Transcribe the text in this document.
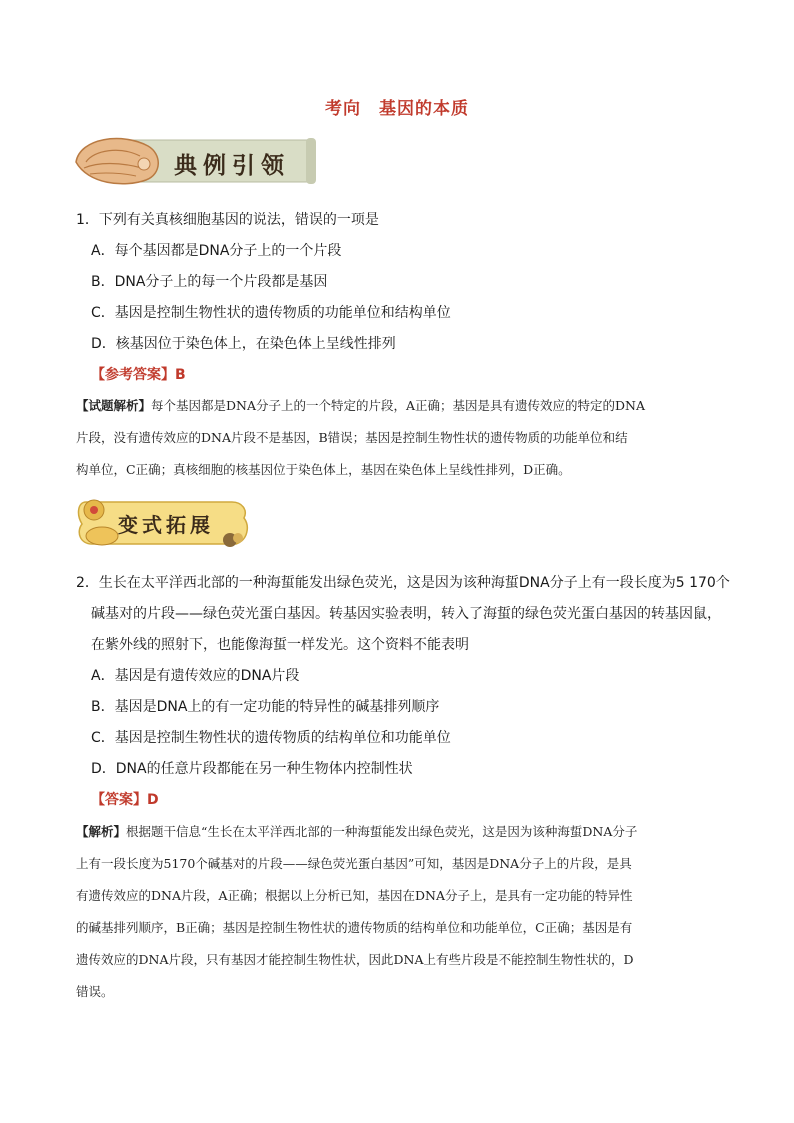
考向 基因的本质
典例引领
1．下列有关真核细胞基因的说法，错误的一项是
A．每个基因都是DNA分子上的一个片段
B．DNA分子上的每一个片段都是基因
C．基因是控制生物性状的遗传物质的功能单位和结构单位
D．核基因位于染色体上，在染色体上呈线性排列
【参考答案】B
【试题解析】每个基因都是DNA分子上的一个特定的片段，A正确；基因是具有遗传效应的特定的DNA
片段，没有遗传效应的DNA片段不是基因，B错误；基因是控制生物性状的遗传物质的功能单位和结
构单位，C正确；真核细胞的核基因位于染色体上，基因在染色体上呈线性排列，D正确。
变式拓展
2．生长在太平洋西北部的一种海蜇能发出绿色荧光，这是因为该种海蜇DNA分子上有一段长度为5 170个
碱基对的片段——绿色荧光蛋白基因。转基因实验表明，转入了海蜇的绿色荧光蛋白基因的转基因鼠，
在紫外线的照射下，也能像海蜇一样发光。这个资料不能表明
A．基因是有遗传效应的DNA片段
B．基因是DNA上的有一定功能的特异性的碱基排列顺序
C．基因是控制生物性状的遗传物质的结构单位和功能单位
D．DNA的任意片段都能在另一种生物体内控制性状
【答案】D
【解析】根据题干信息“生长在太平洋西北部的一种海蜇能发出绿色荧光，这是因为该种海蜇DNA分子
上有一段长度为5170个碱基对的片段——绿色荧光蛋白基因”可知，基因是DNA分子上的片段，是具
有遗传效应的DNA片段，A正确；根据以上分析已知，基因在DNA分子上，是具有一定功能的特异性
的碱基排列顺序，B正确；基因是控制生物性状的遗传物质的结构单位和功能单位，C正确；基因是有
遗传效应的DNA片段，只有基因才能控制生物性状，因此DNA上有些片段是不能控制生物性状的，D
错误。
